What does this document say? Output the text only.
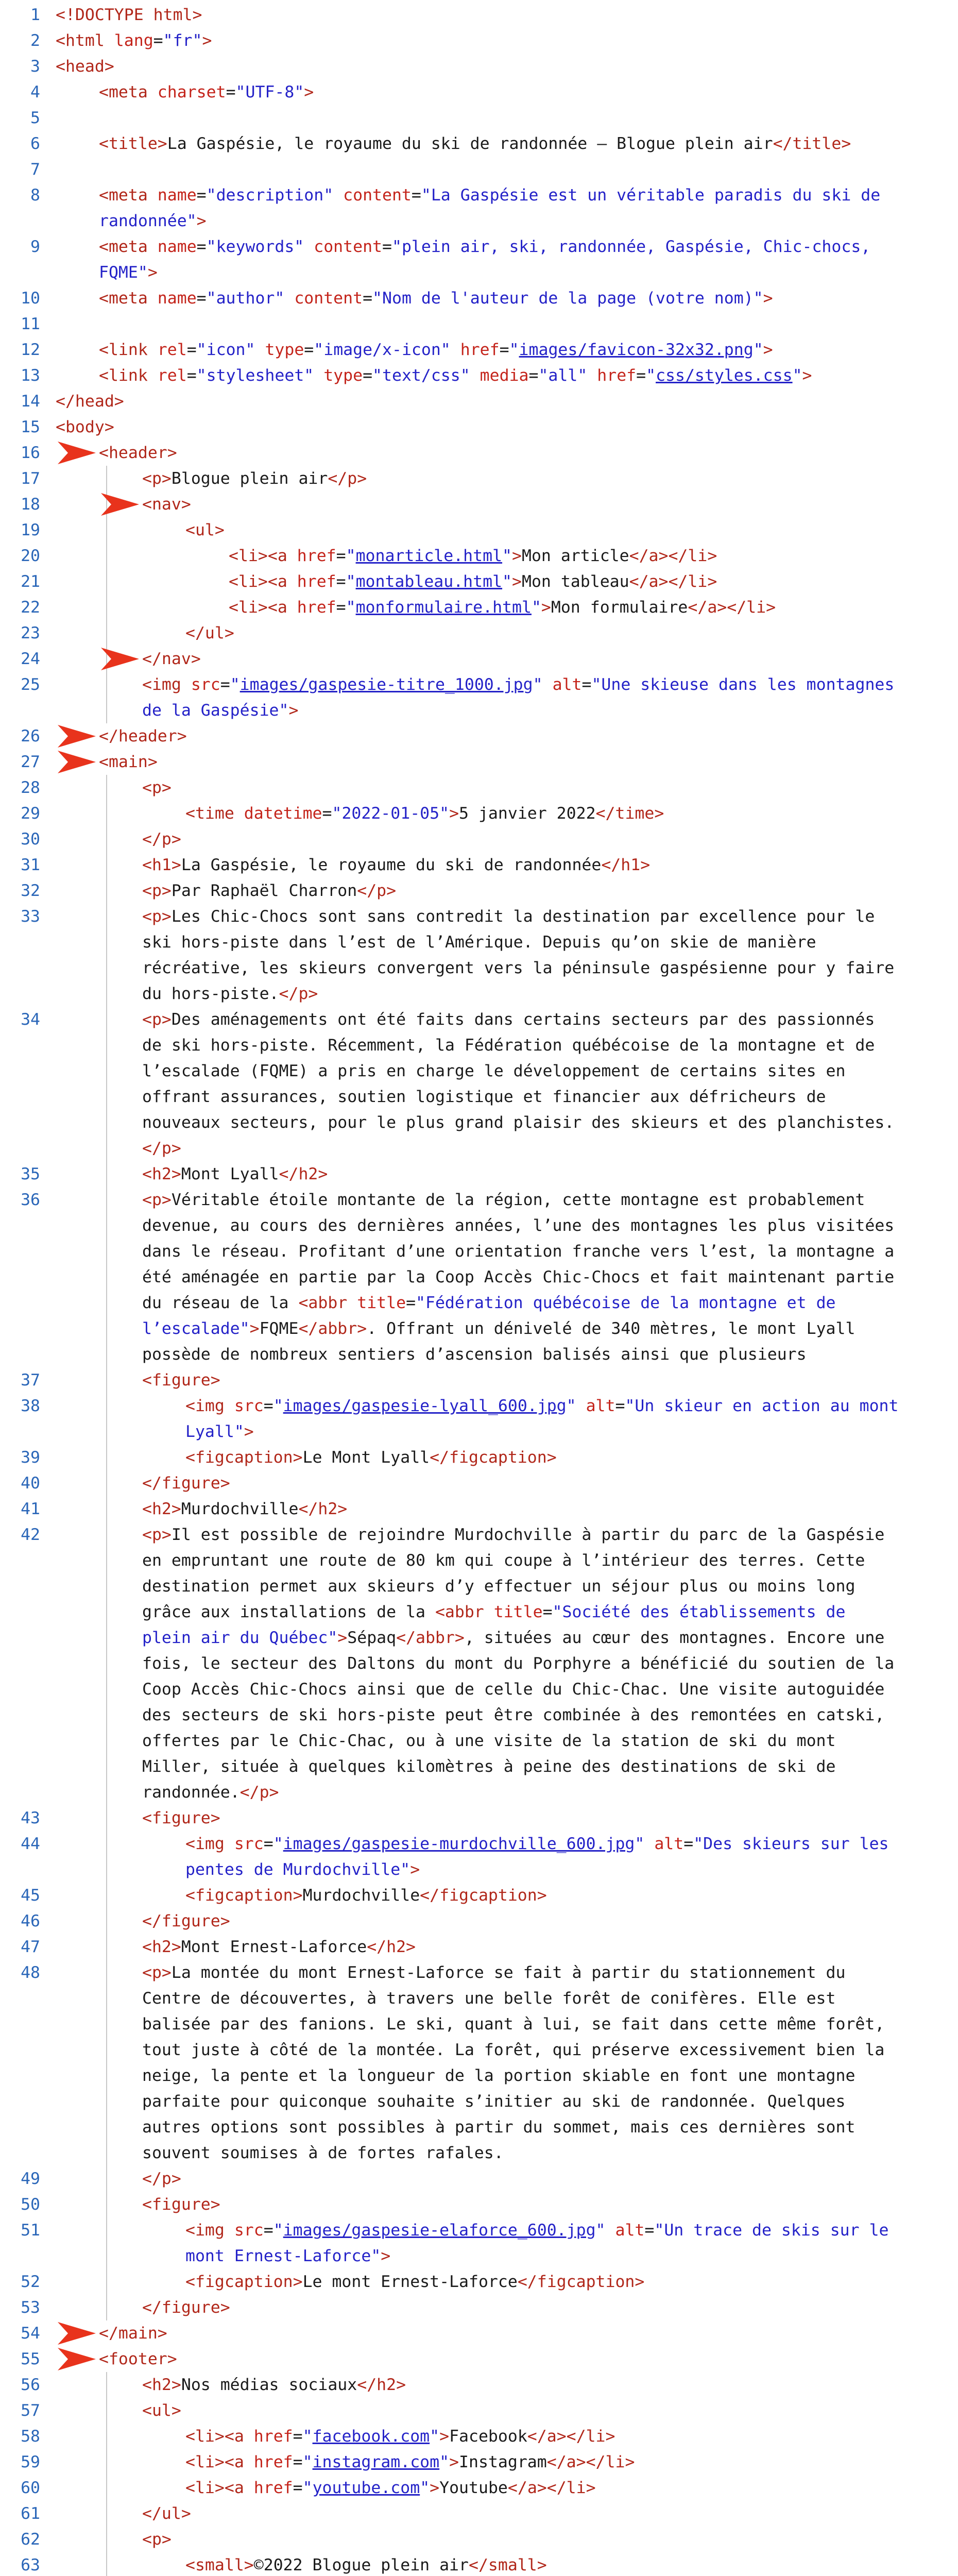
1 <!DOCTYPE html>
2 <html lang="fr">
3 <head>
4	<meta charset="UTF-8">
5
6	<title>La Gaspésie, le royaume du ski de randonnée – Blogue plein air</title>
7
8	<meta name="description" content="La Gaspésie est un véritable paradis du ski de
randonnée">
9	<meta name="keywords" content="plein air, ski, randonnée, Gaspésie, Chic-chocs,
FQME">
10	<meta name="author" content="Nom de l'auteur de la page (votre nom)">
11
12	<link rel="icon" type="image/x-icon" href="images/favicon-32x32.png">
13	<link rel="stylesheet" type="text/css" media="all" href="css/styles.css">
14 </head>
15 <body>
16	<header>
17	<p>Blogue plein air</p>
18	<nav>
19	<ul>
20	<li><a href="monarticle.html">Mon article</a></li>
21	<li><a href="montableau.html">Mon tableau</a></li>
22	<li><a href="monformulaire.html">Mon formulaire</a></li>
23	</ul>
24	</nav>
25	<img src="images/gaspesie-titre_1000.jpg" alt="Une skieuse dans les montagnes
de la Gaspésie">
26	</header>
27	<main>
28	<p>
29	<time datetime="2022-01-05">5 janvier 2022</time>
30	</p>
31	<h1>La Gaspésie, le royaume du ski de randonnée</h1>
32	<p>Par Raphaël Charron</p>
33	<p>Les Chic-Chocs sont sans contredit la destination par excellence pour le
ski hors-piste dans l’est de l’Amérique. Depuis qu’on skie de manière
récréative, les skieurs convergent vers la péninsule gaspésienne pour y faire
du hors-piste.</p>
34	<p>Des aménagements ont été faits dans certains secteurs par des passionnés
de ski hors-piste. Récemment, la Fédération québécoise de la montagne et de
l’escalade (FQME) a pris en charge le développement de certains sites en
offrant assurances, soutien logistique et financier aux défricheurs de
nouveaux secteurs, pour le plus grand plaisir des skieurs et des planchistes.
</p>
35	<h2>Mont Lyall</h2>
36	<p>Véritable étoile montante de la région, cette montagne est probablement
devenue, au cours des dernières années, l’une des montagnes les plus visitées
dans le réseau. Profitant d’une orientation franche vers l’est, la montagne a
été aménagée en partie par la Coop Accès Chic-Chocs et fait maintenant partie
du réseau de la <abbr title="Fédération québécoise de la montagne et de
l’escalade">FQME</abbr>. Offrant un dénivelé de 340 mètres, le mont Lyall
possède de nombreux sentiers d’ascension balisés ainsi que plusieurs
37	<figure>
38	<img src="images/gaspesie-lyall_600.jpg" alt="Un skieur en action au mont
Lyall">
39	<figcaption>Le Mont Lyall</figcaption>
40	</figure>
41	<h2>Murdochville</h2>
42	<p>Il est possible de rejoindre Murdochville à partir du parc de la Gaspésie
en empruntant une route de 80 km qui coupe à l’intérieur des terres. Cette
destination permet aux skieurs d’y effectuer un séjour plus ou moins long
grâce aux installations de la <abbr title="Société des établissements de
plein air du Québec">Sépaq</abbr>, situées au cœur des montagnes. Encore une
fois, le secteur des Daltons du mont du Porphyre a bénéficié du soutien de la
Coop Accès Chic-Chocs ainsi que de celle du Chic-Chac. Une visite autoguidée
des secteurs de ski hors-piste peut être combinée à des remontées en catski,
offertes par le Chic-Chac, ou à une visite de la station de ski du mont
Miller, située à quelques kilomètres à peine des destinations de ski de
randonnée.</p>
43	<figure>
44	<img src="images/gaspesie-murdochville_600.jpg" alt="Des skieurs sur les
pentes de Murdochville">
45	<figcaption>Murdochville</figcaption>
46	</figure>
47	<h2>Mont Ernest-Laforce</h2>
48	<p>La montée du mont Ernest-Laforce se fait à partir du stationnement du
Centre de découvertes, à travers une belle forêt de conifères. Elle est
balisée par des fanions. Le ski, quant à lui, se fait dans cette même forêt,
tout juste à côté de la montée. La forêt, qui préserve excessivement bien la
neige, la pente et la longueur de la portion skiable en font une montagne
parfaite pour quiconque souhaite s’initier au ski de randonnée. Quelques
autres options sont possibles à partir du sommet, mais ces dernières sont
souvent soumises à de fortes rafales.
49	</p>
50	<figure>
51	<img src="images/gaspesie-elaforce_600.jpg" alt="Un trace de skis sur le
mont Ernest-Laforce">
52	<figcaption>Le mont Ernest-Laforce</figcaption>
53	</figure>
54	</main>
55	<footer>
56	<h2>Nos médias sociaux</h2>
57	<ul>
58	<li><a href="facebook.com">Facebook</a></li>
59	<li><a href="instagram.com">Instagram</a></li>
60	<li><a href="youtube.com">Youtube</a></li>
61	</ul>
62	<p>
63	<small>©2022 Blogue plein air</small>
